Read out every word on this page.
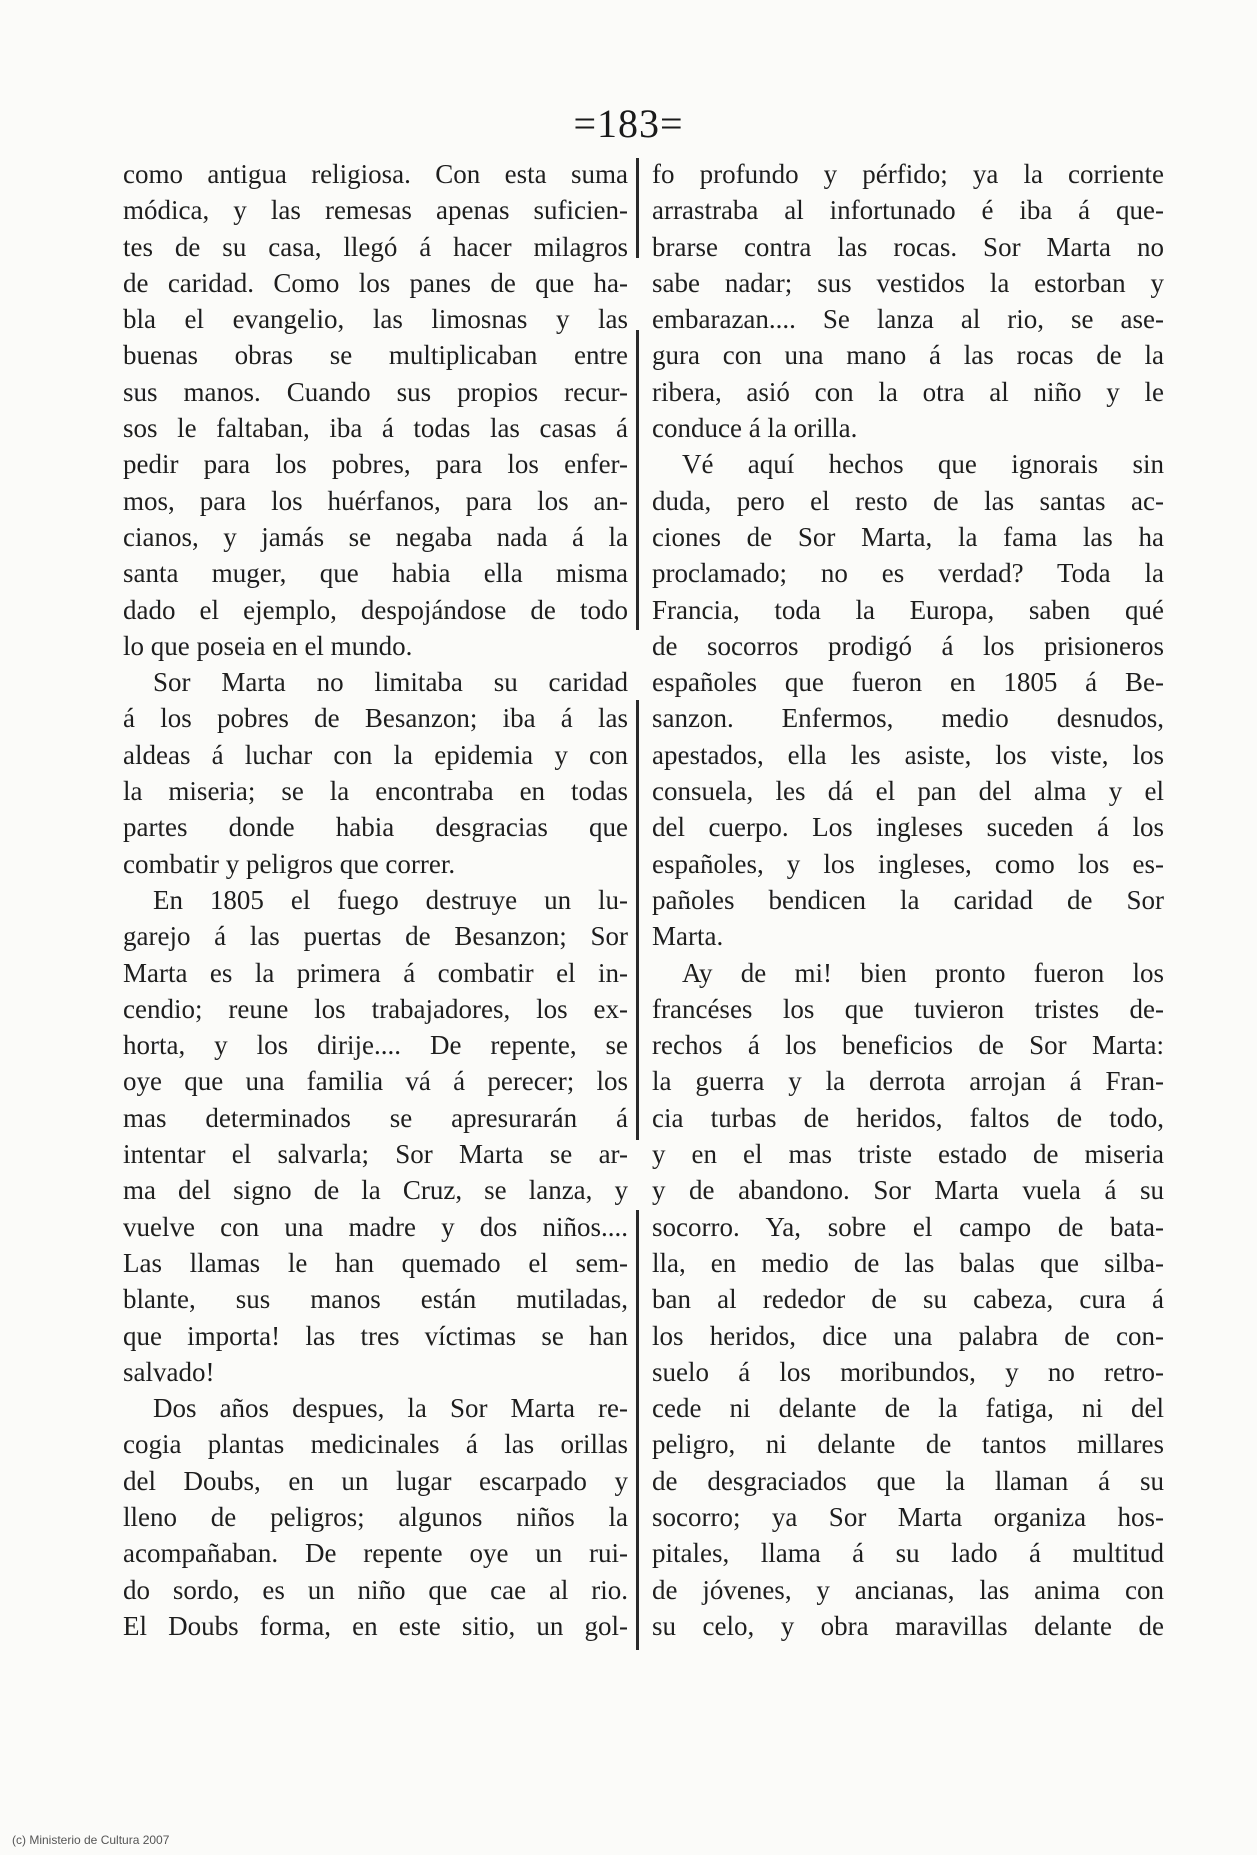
=183=
como antigua religiosa. Con esta suma
módica, y las remesas apenas suficien-
tes de su casa, llegó á hacer milagros
de caridad. Como los panes de que ha-
bla el evangelio, las limosnas y las
buenas obras se multiplicaban entre
sus manos. Cuando sus propios recur-
sos le faltaban, iba á todas las casas á
pedir para los pobres, para los enfer-
mos, para los huérfanos, para los an-
cianos, y jamás se negaba nada á la
santa muger, que habia ella misma
dado el ejemplo, despojándose de todo
lo que poseia en el mundo.
Sor Marta no limitaba su caridad
á los pobres de Besanzon; iba á las
aldeas á luchar con la epidemia y con
la miseria; se la encontraba en todas
partes donde habia desgracias que
combatir y peligros que correr.
En 1805 el fuego destruye un lu-
garejo á las puertas de Besanzon; Sor
Marta es la primera á combatir el in-
cendio; reune los trabajadores, los ex-
horta, y los dirije.... De repente, se
oye que una familia vá á perecer; los
mas determinados se apresurarán á
intentar el salvarla; Sor Marta se ar-
ma del signo de la Cruz, se lanza, y
vuelve con una madre y dos niños....
Las llamas le han quemado el sem-
blante, sus manos están mutiladas,
que importa! las tres víctimas se han
salvado!
Dos años despues, la Sor Marta re-
cogia plantas medicinales á las orillas
del Doubs, en un lugar escarpado y
lleno de peligros; algunos niños la
acompañaban. De repente oye un rui-
do sordo, es un niño que cae al rio.
El Doubs forma, en este sitio, un gol-
fo profundo y pérfido; ya la corriente
arrastraba al infortunado é iba á que-
brarse contra las rocas. Sor Marta no
sabe nadar; sus vestidos la estorban y
embarazan.... Se lanza al rio, se ase-
gura con una mano á las rocas de la
ribera, asió con la otra al niño y le
conduce á la orilla.
Vé aquí hechos que ignorais sin
duda, pero el resto de las santas ac-
ciones de Sor Marta, la fama las ha
proclamado; no es verdad? Toda la
Francia, toda la Europa, saben qué
de socorros prodigó á los prisioneros
españoles que fueron en 1805 á Be-
sanzon. Enfermos, medio desnudos,
apestados, ella les asiste, los viste, los
consuela, les dá el pan del alma y el
del cuerpo. Los ingleses suceden á los
españoles, y los ingleses, como los es-
pañoles bendicen la caridad de Sor
Marta.
Ay de mi! bien pronto fueron los
francéses los que tuvieron tristes de-
rechos á los beneficios de Sor Marta:
la guerra y la derrota arrojan á Fran-
cia turbas de heridos, faltos de todo,
y en el mas triste estado de miseria
y de abandono. Sor Marta vuela á su
socorro. Ya, sobre el campo de bata-
lla, en medio de las balas que silba-
ban al rededor de su cabeza, cura á
los heridos, dice una palabra de con-
suelo á los moribundos, y no retro-
cede ni delante de la fatiga, ni del
peligro, ni delante de tantos millares
de desgraciados que la llaman á su
socorro; ya Sor Marta organiza hos-
pitales, llama á su lado á multitud
de jóvenes, y ancianas, las anima con
su celo, y obra maravillas delante de
(c) Ministerio de Cultura 2007
